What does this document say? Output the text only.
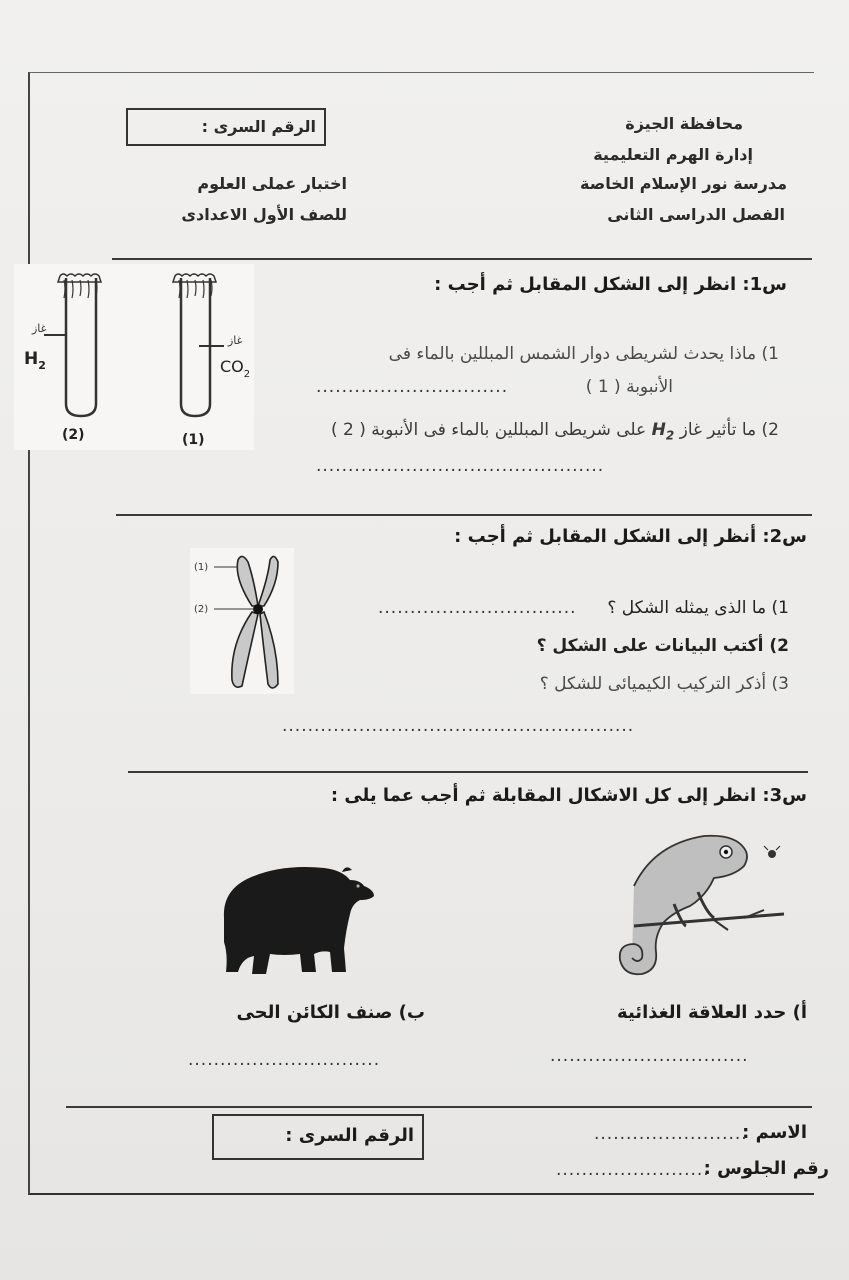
محافظة الجيزة
إدارة الهرم التعليمية
مدرسة نور الإسلام الخاصة
الفصل الدراسى الثانى
الرقم السرى :
اختبار عملى العلوم
للصف الأول الاعدادى
غاز
$H_2$
(2)
غاز
$CO_2$
(1)
س1: انظر إلى الشكل المقابل ثم أجب :
1) ماذا يحدث لشريطى دوار الشمس المبللين بالماء فى
الأنبوبة ( 1 )
..............................
2) ما تأثير غاز $H_2$ على شريطى المبللين بالماء فى الأنبوبة ( 2 )
.............................................
س2: أنظر إلى الشكل المقابل ثم أجب :
(1)
(2)	1) ما الذى يمثله الشكل ؟
...............................
2) أكتب البيانات على الشكل ؟
3) أذكر التركيب الكيميائى للشكل ؟
.......................................................
س3: انظر إلى كل الاشكال المقابلة ثم أجب عما يلى :
أ) حدد العلاقة الغذائية
...............................
ب) صنف الكائن الحى
..............................
الرقم السرى :	الاسم :
........................
رقم الجلوس :
........................
